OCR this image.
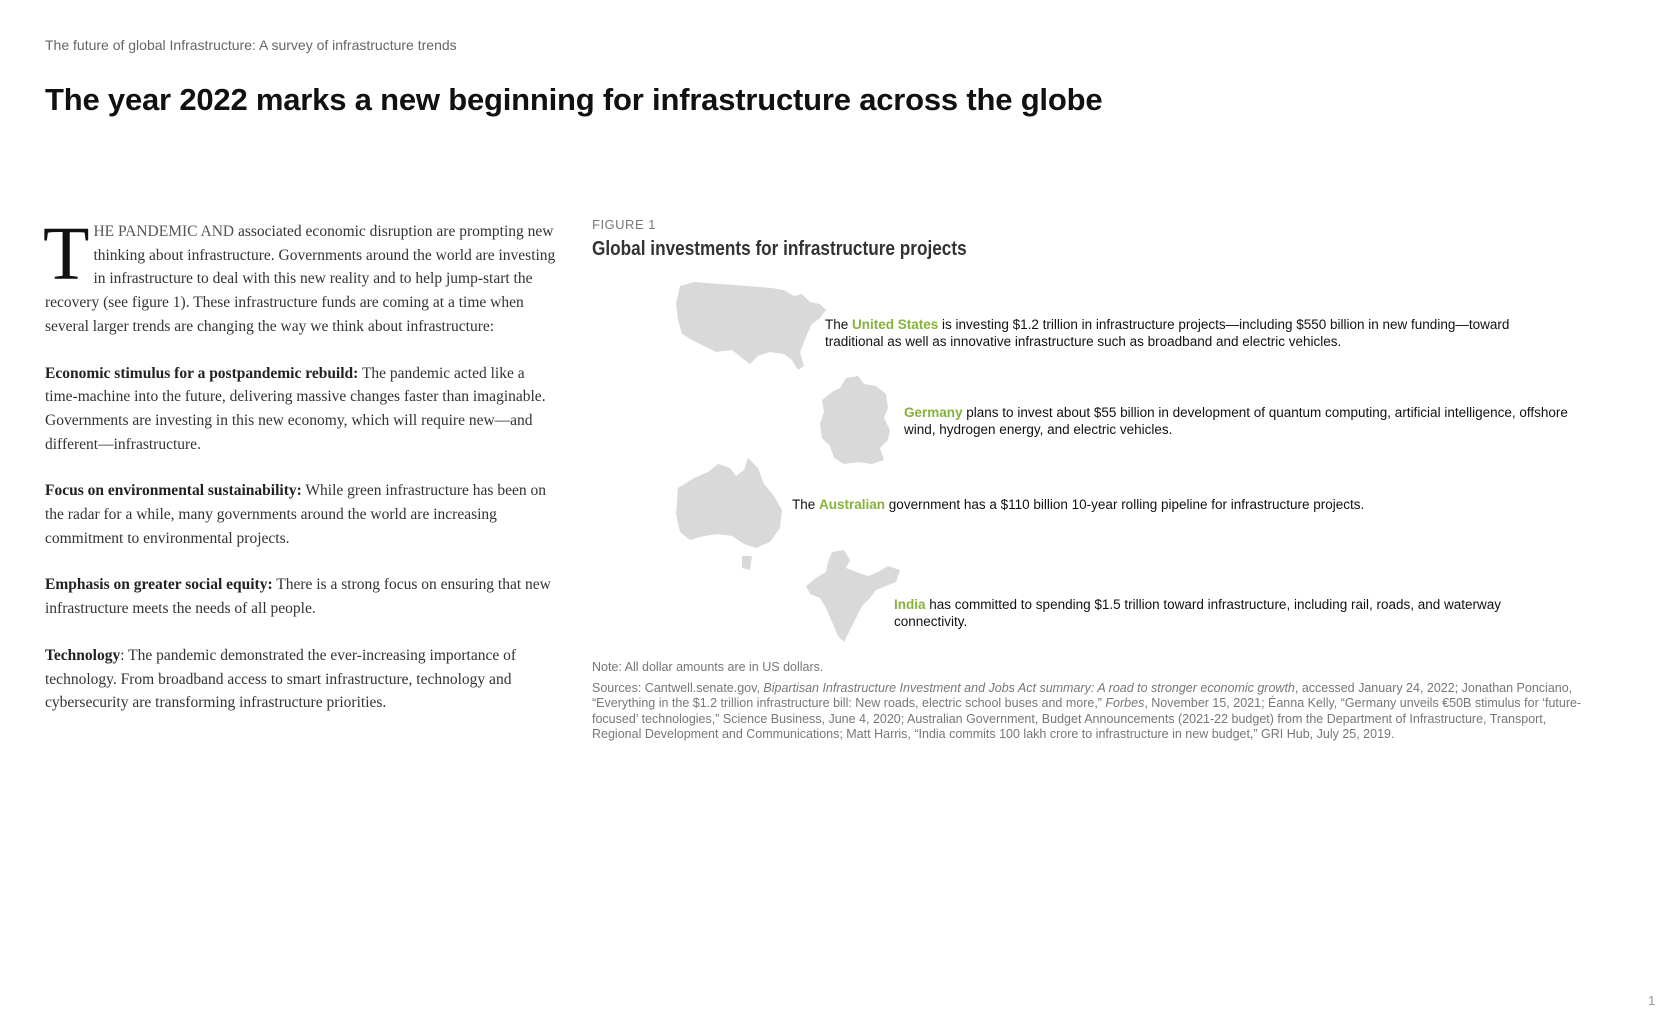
The future of global Infrastructure: A survey of infrastructure trends
The year 2022 marks a new beginning for infrastructure across the globe

THE PANDEMIC AND associated economic disruption are prompting new thinking about infrastructure. Governments around the world are investing in infrastructure to deal with this new reality and to help jump-start the recovery (see figure 1). These infrastructure funds are coming at a time when several larger trends are changing the way we think about infrastructure:

Economic stimulus for a postpandemic rebuild: The pandemic acted like a time-machine into the future, delivering massive changes faster than imaginable. Governments are investing in this new economy, which will require new—and different—infrastructure.

Focus on environmental sustainability: While green infrastructure has been on the radar for a while, many governments around the world are increasing commitment to environmental projects.

Emphasis on greater social equity: There is a strong focus on ensuring that new infrastructure meets the needs of all people.

Technology: The pandemic demonstrated the ever-increasing importance of technology. From broadband access to smart infrastructure, technology and cybersecurity are transforming infrastructure priorities.

FIGURE 1
Global investments for infrastructure projects
The United States is investing $1.2 trillion in infrastructure projects—including $550 billion in new funding—toward traditional as well as innovative infrastructure such as broadband and electric vehicles.
Germany plans to invest about $55 billion in development of quantum computing, artificial intelligence, offshore wind, hydrogen energy, and electric vehicles.
The Australian government has a $110 billion 10-year rolling pipeline for infrastructure projects.
India has committed to spending $1.5 trillion toward infrastructure, including rail, roads, and waterway connectivity.
Note: All dollar amounts are in US dollars.
Sources: Cantwell.senate.gov, Bipartisan Infrastructure Investment and Jobs Act summary: A road to stronger economic growth, accessed January 24, 2022; Jonathan Ponciano, “Everything in the $1.2 trillion infrastructure bill: New roads, electric school buses and more,” Forbes, November 15, 2021; Éanna Kelly, “Germany unveils €50B stimulus for ‘future-focused’ technologies,” Science Business, June 4, 2020; Australian Government, Budget Announcements (2021-22 budget) from the Department of Infrastructure, Transport, Regional Development and Communications; Matt Harris, “India commits 100 lakh crore to infrastructure in new budget,” GRI Hub, July 25, 2019.
1
